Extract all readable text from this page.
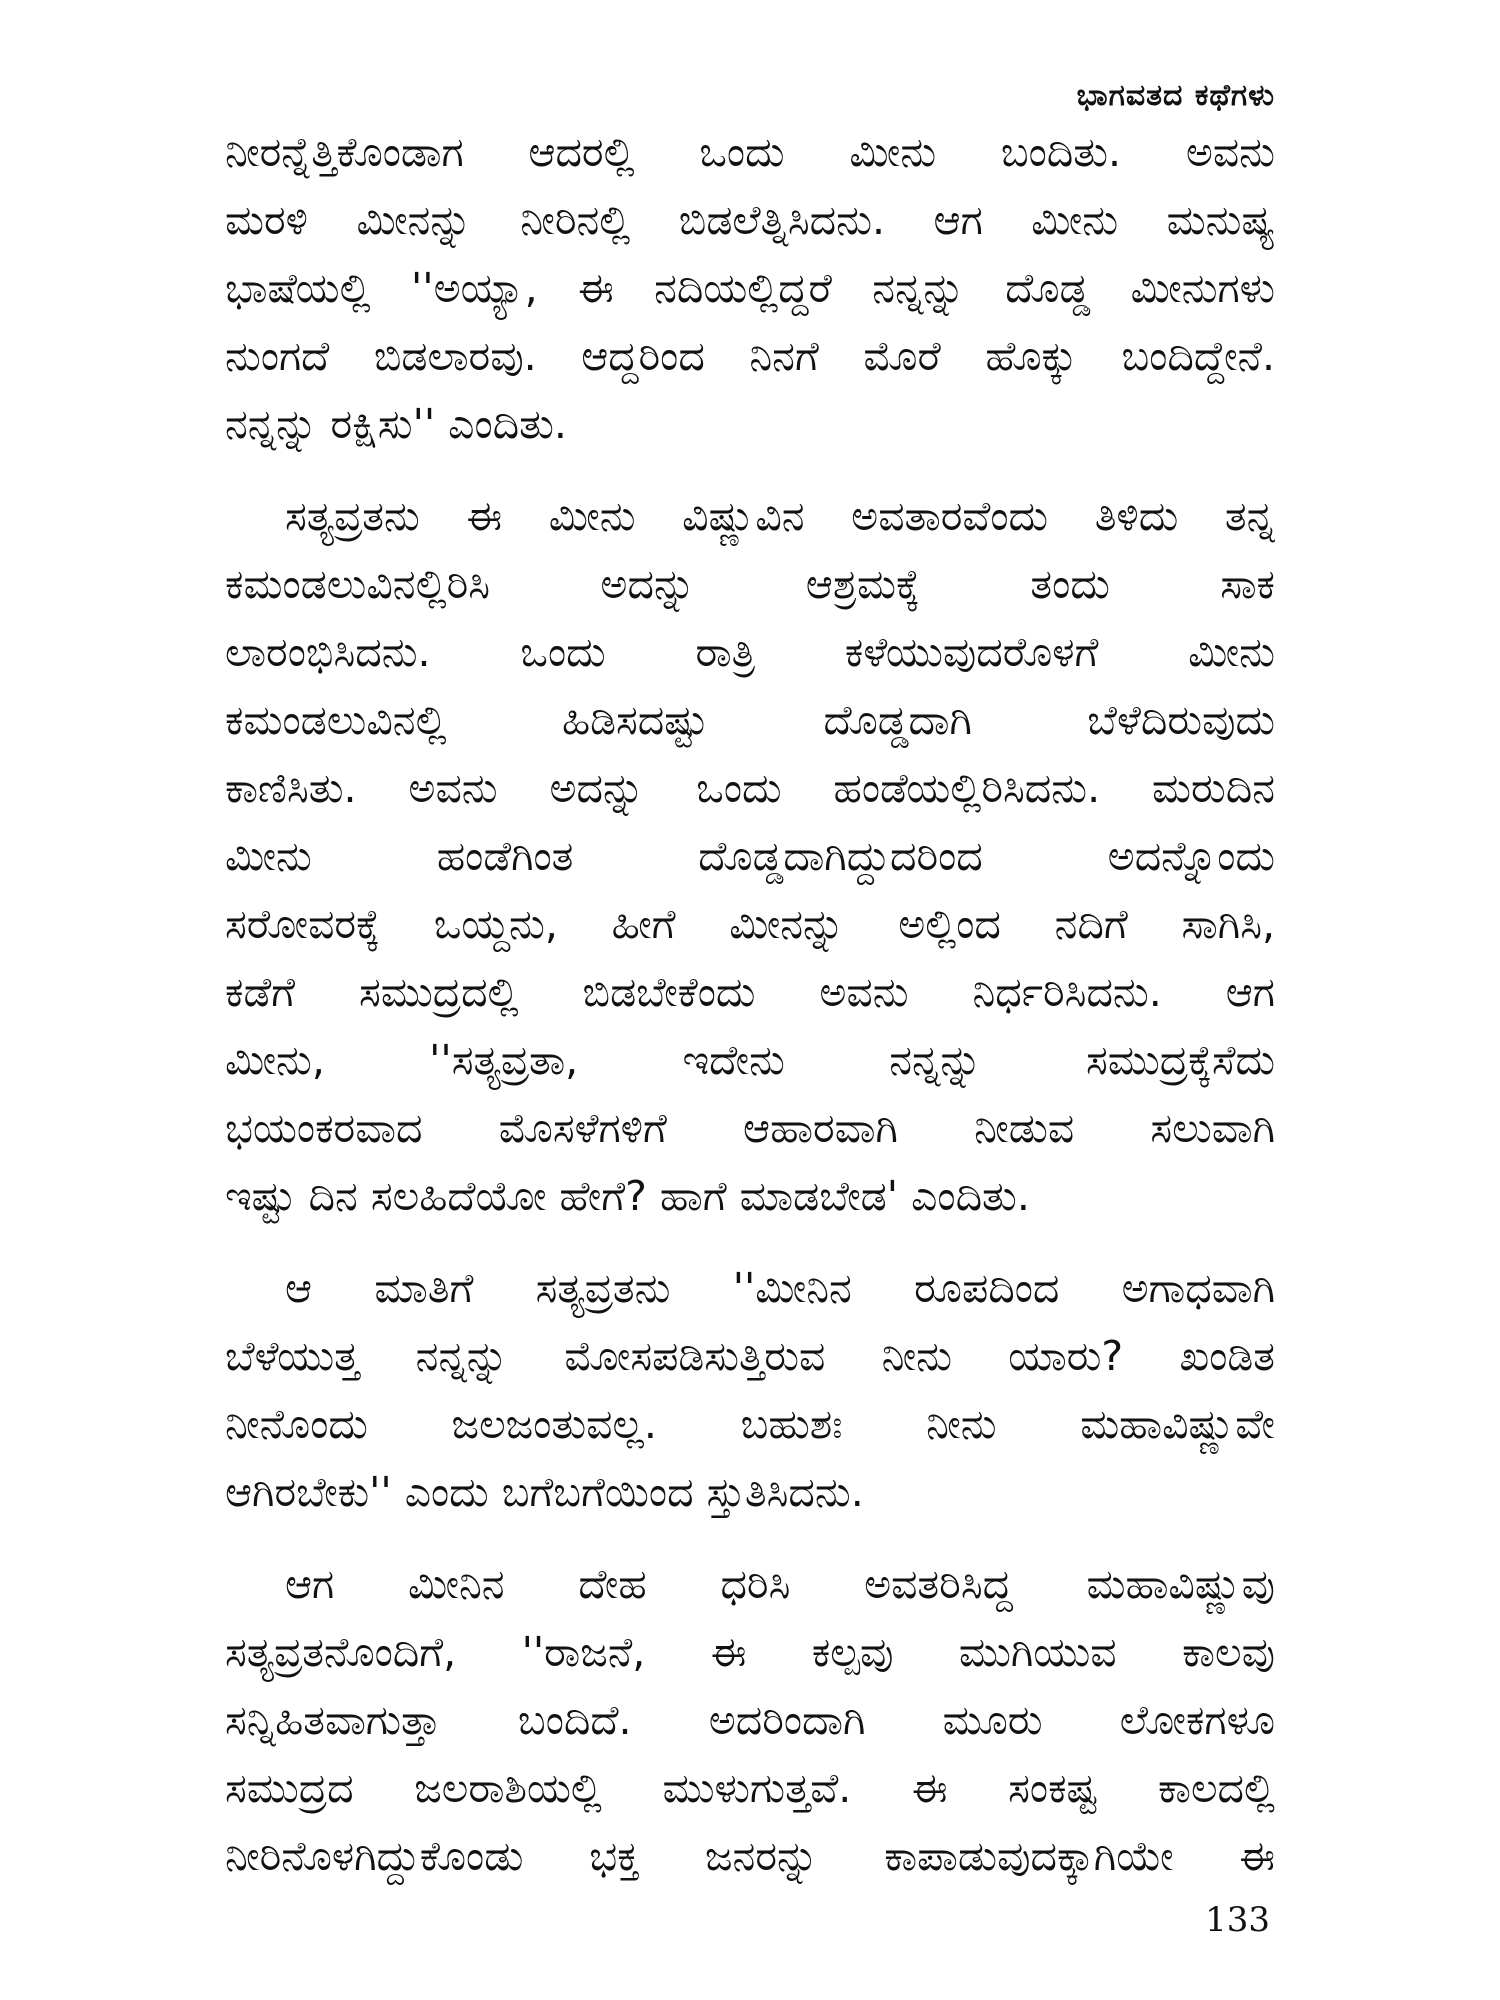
ಭಾಗವತದ ಕಥೆಗಳು
ನೀರನ್ನೆತ್ತಿಕೊಂಡಾಗ ಆದರಲ್ಲಿ ಒಂದು ಮೀನು ಬಂದಿತು. ಅವನು
ಮರಳಿ ಮೀನನ್ನು ನೀರಿನಲ್ಲಿ ಬಿಡಲೆತ್ನಿಸಿದನು. ಆಗ ಮೀನು ಮನುಷ್ಯ
ಭಾಷೆಯಲ್ಲಿ ''ಅಯ್ಯಾ, ಈ ನದಿಯಲ್ಲಿದ್ದರೆ ನನ್ನನ್ನು ದೊಡ್ಡ ಮೀನುಗಳು
ನುಂಗದೆ ಬಿಡಲಾರವು. ಆದ್ದರಿಂದ ನಿನಗೆ ಮೊರೆ ಹೊಕ್ಕು ಬಂದಿದ್ದೇನೆ.
ನನ್ನನ್ನು ರಕ್ಷಿಸು'' ಎಂದಿತು.
ಸತ್ಯವ್ರತನು ಈ ಮೀನು ವಿಷ್ಣುವಿನ ಅವತಾರವೆಂದು ತಿಳಿದು ತನ್ನ
ಕಮಂಡಲುವಿನಲ್ಲಿರಿಸಿ ಅದನ್ನು ಆಶ್ರಮಕ್ಕೆ ತಂದು ಸಾಕ
ಲಾರಂಭಿಸಿದನು. ಒಂದು ರಾತ್ರಿ ಕಳೆಯುವುದರೊಳಗೆ ಮೀನು
ಕಮಂಡಲುವಿನಲ್ಲಿ ಹಿಡಿಸದಷ್ಟು ದೊಡ್ಡದಾಗಿ ಬೆಳೆದಿರುವುದು
ಕಾಣಿಸಿತು. ಅವನು ಅದನ್ನು ಒಂದು ಹಂಡೆಯಲ್ಲಿರಿಸಿದನು. ಮರುದಿನ
ಮೀನು ಹಂಡೆಗಿಂತ ದೊಡ್ಡದಾಗಿದ್ದುದರಿಂದ ಅದನ್ನೊಂದು
ಸರೋವರಕ್ಕೆ ಒಯ್ದನು, ಹೀಗೆ ಮೀನನ್ನು ಅಲ್ಲಿಂದ ನದಿಗೆ ಸಾಗಿಸಿ,
ಕಡೆಗೆ ಸಮುದ್ರದಲ್ಲಿ ಬಿಡಬೇಕೆಂದು ಅವನು ನಿರ್ಧರಿಸಿದನು. ಆಗ
ಮೀನು, ''ಸತ್ಯವ್ರತಾ, ಇದೇನು ನನ್ನನ್ನು ಸಮುದ್ರಕ್ಕೆಸೆದು
ಭಯಂಕರವಾದ ಮೊಸಳೆಗಳಿಗೆ ಆಹಾರವಾಗಿ ನೀಡುವ ಸಲುವಾಗಿ
ಇಷ್ಟು ದಿನ ಸಲಹಿದೆಯೋ ಹೇಗೆ? ಹಾಗೆ ಮಾಡಬೇಡ' ಎಂದಿತು.
ಆ ಮಾತಿಗೆ ಸತ್ಯವ್ರತನು ''ಮೀನಿನ ರೂಪದಿಂದ ಅಗಾಧವಾಗಿ
ಬೆಳೆಯುತ್ತ ನನ್ನನ್ನು ಮೋಸಪಡಿಸುತ್ತಿರುವ ನೀನು ಯಾರು? ಖಂಡಿತ
ನೀನೊಂದು ಜಲಜಂತುವಲ್ಲ. ಬಹುಶಃ ನೀನು ಮಹಾವಿಷ್ಣುವೇ
ಆಗಿರಬೇಕು'' ಎಂದು ಬಗೆಬಗೆಯಿಂದ ಸ್ತುತಿಸಿದನು.
ಆಗ ಮೀನಿನ ದೇಹ ಧರಿಸಿ ಅವತರಿಸಿದ್ದ ಮಹಾವಿಷ್ಣುವು
ಸತ್ಯವ್ರತನೊಂದಿಗೆ, ''ರಾಜನೆ, ಈ ಕಲ್ಪವು ಮುಗಿಯುವ ಕಾಲವು
ಸನ್ನಿಹಿತವಾಗುತ್ತಾ ಬಂದಿದೆ. ಅದರಿಂದಾಗಿ ಮೂರು ಲೋಕಗಳೂ
ಸಮುದ್ರದ ಜಲರಾಶಿಯಲ್ಲಿ ಮುಳುಗುತ್ತವೆ. ಈ ಸಂಕಷ್ಟ ಕಾಲದಲ್ಲಿ
ನೀರಿನೊಳಗಿದ್ದುಕೊಂಡು ಭಕ್ತ ಜನರನ್ನು ಕಾಪಾಡುವುದಕ್ಕಾಗಿಯೇ ಈ
133
